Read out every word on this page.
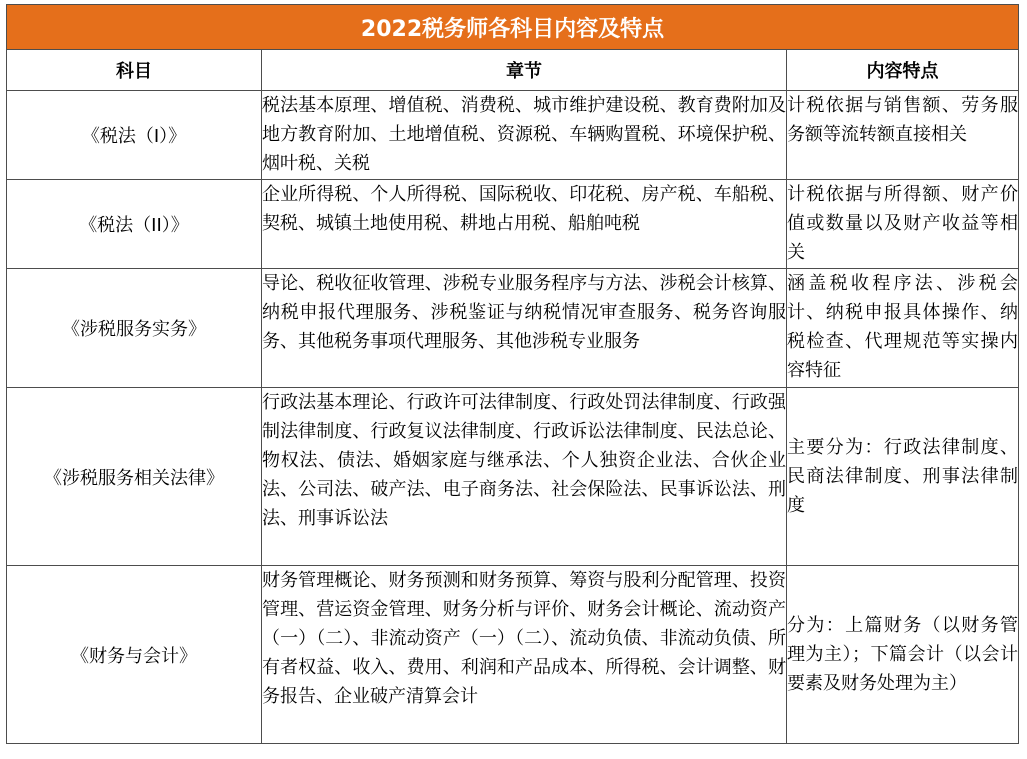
2022税务师各科目内容及特点		
科目	章节	内容特点
《税法（I）》	税法基本原理、增值税、消费税、城市维护建设税、教育费附加及地方教育附加、土地增值税、资源税、车辆购置税、环境保护税、烟叶税、关税	计税依据与销售额、劳务服务额等流转额直接相关
《税法（II）》	企业所得税、个人所得税、国际税收、印花税、房产税、车船税、契税、城镇土地使用税、耕地占用税、船舶吨税	计税依据与所得额、财产价值或数量以及财产收益等相关
《涉税服务实务》	导论、税收征收管理、涉税专业服务程序与方法、涉税会计核算、纳税申报代理服务、涉税鉴证与纳税情况审查服务、税务咨询服务、其他税务事项代理服务、其他涉税专业服务	涵盖税收程序法、涉税会计、纳税申报具体操作、纳税检查、代理规范等实操内容特征
《涉税服务相关法律》	行政法基本理论、行政许可法律制度、行政处罚法律制度、行政强制法律制度、行政复议法律制度、行政诉讼法律制度、民法总论、物权法、债法、婚姻家庭与继承法、个人独资企业法、合伙企业法、公司法、破产法、电子商务法、社会保险法、民事诉讼法、刑法、刑事诉讼法	主要分为：行政法律制度、民商法律制度、刑事法律制度
《财务与会计》	财务管理概论、财务预测和财务预算、筹资与股利分配管理、投资管理、营运资金管理、财务分析与评价、财务会计概论、流动资产（一）（二）、非流动资产（一）（二）、流动负债、非流动负债、所有者权益、收入、费用、利润和产品成本、所得税、会计调整、财务报告、企业破产清算会计	分为：上篇财务（以财务管理为主）；下篇会计（以会计要素及财务处理为主）
